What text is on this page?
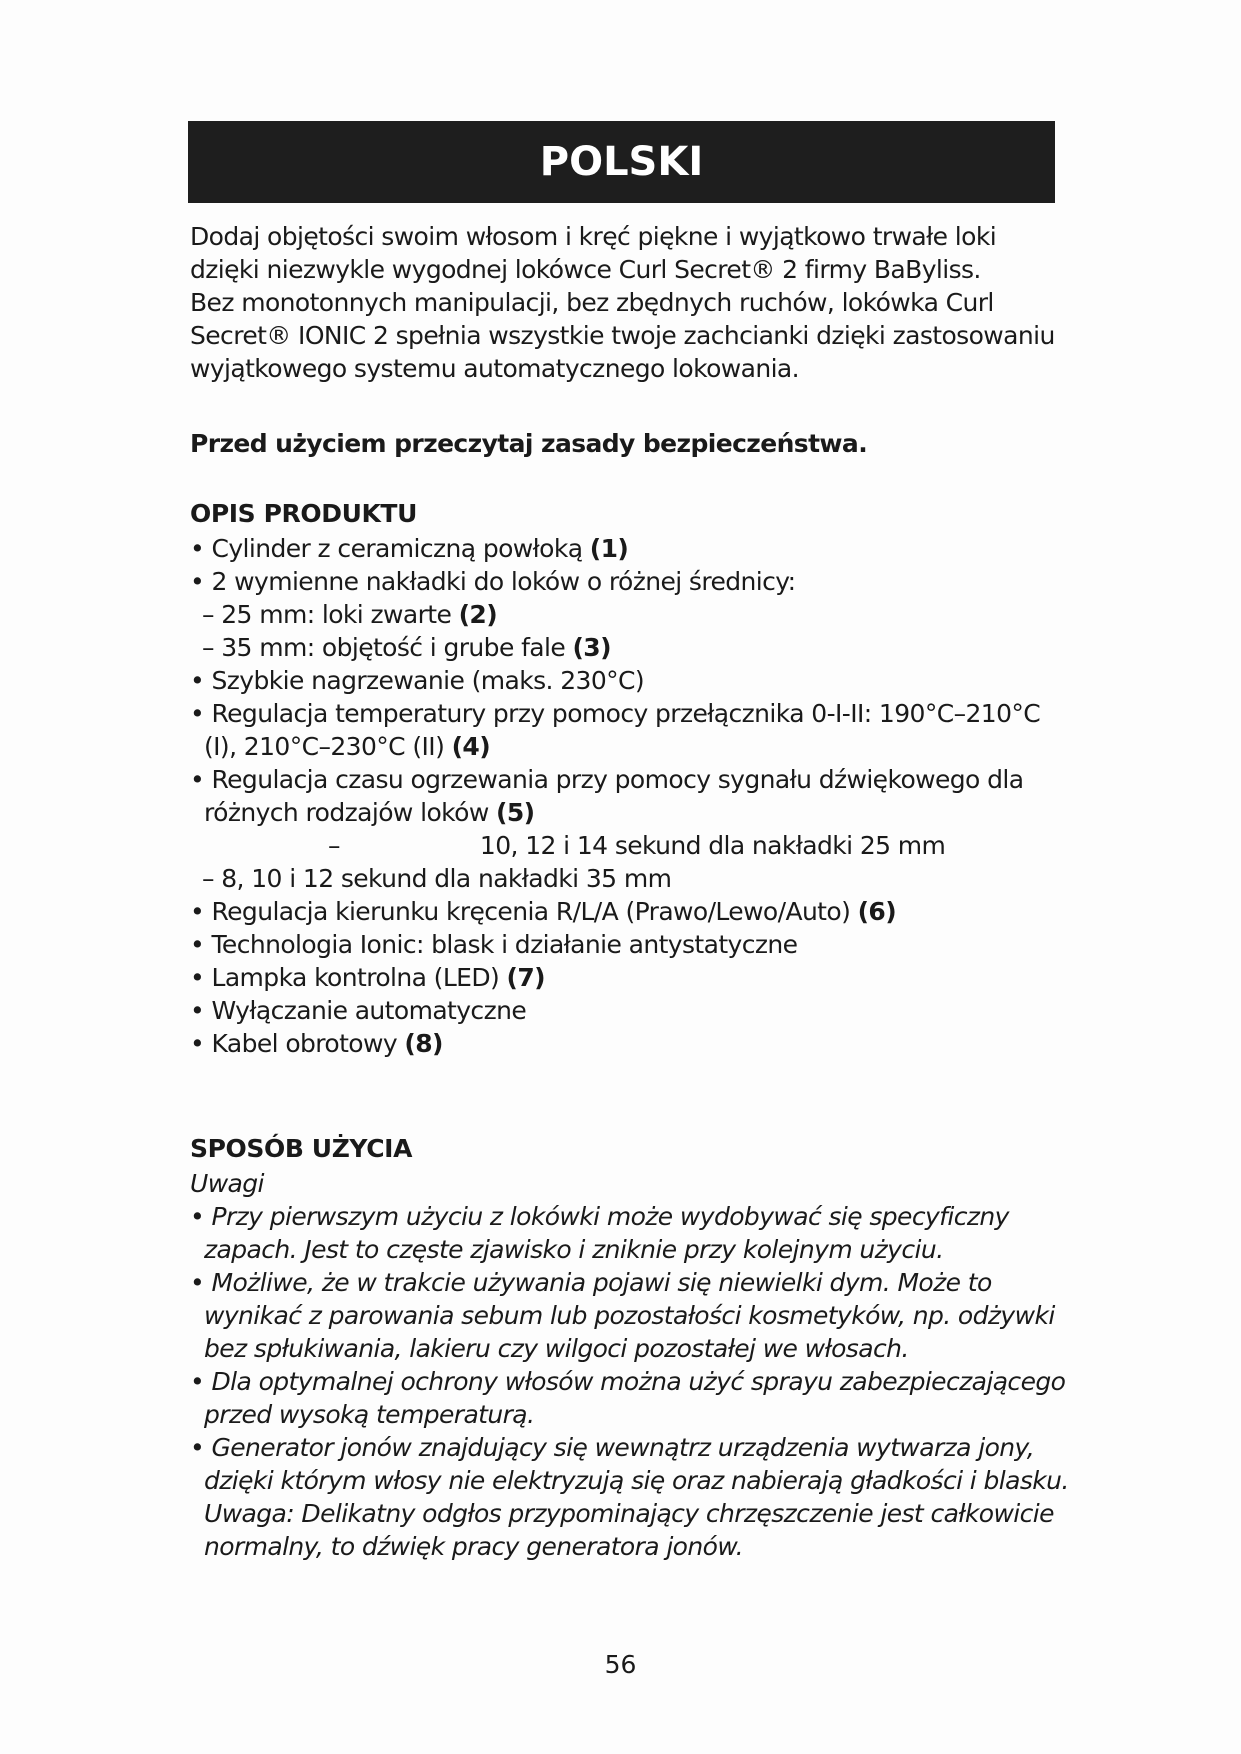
POLSKI

Dodaj objętości swoim włosom i kręć piękne i wyjątkowo trwałe loki

dzięki niezwykle wygodnej lokówce Curl Secret® 2 firmy BaByliss.

Bez monotonnych manipulacji, bez zbędnych ruchów, lokówka Curl

Secret® IONIC 2 spełnia wszystkie twoje zachcianki dzięki zastosowaniu

wyjątkowego systemu automatycznego lokowania.

Przed użyciem przeczytaj zasady bezpieczeństwa.

OPIS PRODUKTU
• Cylinder z ceramiczną powłoką (1)
• 2 wymienne nakładki do loków o różnej średnicy:
– 25 mm: loki zwarte (2)
– 35 mm: objętość i grube fale (3)
• Szybkie nagrzewanie (maks. 230°C)
• Regulacja temperatury przy pomocy przełącznika 0-I-II: 190°C–210°C (I), 210°C–230°C (II) (4)
• Regulacja czasu ogrzewania przy pomocy sygnału dźwiękowego dla różnych rodzajów loków (5)
–	10, 12 i 14 sekund dla nakładki 25 mm
– 8, 10 i 12 sekund dla nakładki 35 mm
• Regulacja kierunku kręcenia R/L/A (Prawo/Lewo/Auto) (6)
• Technologia Ionic: blask i działanie antystatyczne
• Lampka kontrolna (LED) (7)
• Wyłączanie automatyczne
• Kabel obrotowy (8)
SPOSÓB UŻYCIA

Uwagi

• Przy pierwszym użyciu z lokówki może wydobywać się specyficzny zapach. Jest to częste zjawisko i zniknie przy kolejnym użyciu.
• Możliwe, że w trakcie używania pojawi się niewielki dym. Może to wynikać z parowania sebum lub pozostałości kosmetyków, np. odżywki bez spłukiwania, lakieru czy wilgoci pozostałej we włosach.
• Dla optymalnej ochrony włosów można użyć sprayu zabezpieczającego przed wysoką temperaturą.
• Generator jonów znajdujący się wewnątrz urządzenia wytwarza jony, dzięki którym włosy nie elektryzują się oraz nabierają gładkości i blasku. Uwaga: Delikatny odgłos przypominający chrzęszczenie jest całkowicie normalny, to dźwięk pracy generatora jonów.
56
